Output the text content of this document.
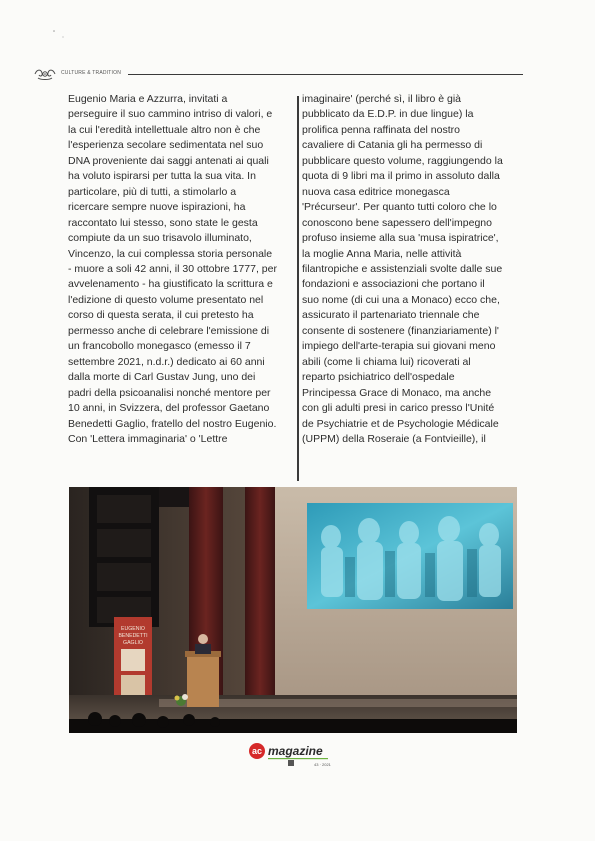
CULTURE & TRADITION
Eugenio Maria e Azzurra, invitati a
perseguire il suo cammino intriso di valori, e
la cui l'eredità intellettuale altro non è che
l'esperienza secolare sedimentata nel suo
DNA proveniente dai saggi antenati ai quali
ha voluto ispirarsi per tutta la sua vita. In
particolare, più di tutti, a stimolarlo a
ricercare sempre nuove ispirazioni, ha
raccontato lui stesso, sono state le gesta
compiute da un suo trisavolo illuminato,
Vincenzo, la cui complessa storia personale
- muore a soli 42 anni, il 30 ottobre 1777, per
avvelenamento - ha giustificato la scrittura e
l'edizione di questo volume presentato nel
corso di questa serata, il cui pretesto ha
permesso anche di celebrare l'emissione di
un francobollo monegasco (emesso il 7
settembre 2021, n.d.r.) dedicato ai 60 anni
dalla morte di Carl Gustav Jung, uno dei
padri della psicoanalisi nonché mentore per
10 anni, in Svizzera, del professor Gaetano
Benedetti Gaglio, fratello del nostro Eugenio.
Con 'Lettera immaginaria' o 'Lettre
imaginaire' (perché sì, il libro è già
pubblicato da E.D.P. in due lingue) la
prolifica penna raffinata del nostro
cavaliere di Catania gli ha permesso di
pubblicare questo volume, raggiungendo la
quota di 9 libri ma il primo in assoluto dalla
nuova casa editrice monegasca
'Précurseur'. Per quanto tutti coloro che lo
conoscono bene sapessero dell'impegno
profuso insieme alla sua 'musa ispiratrice',
la moglie Anna Maria, nelle attività
filantropiche e assistenziali svolte dalle sue
fondazioni e associazioni che portano il
suo nome (di cui una a Monaco) ecco che,
assicurato il partenariato triennale che
consente di sostenere (finanziariamente) l'
impiego dell'arte-terapia sui giovani meno
abili (come li chiama lui) ricoverati al
reparto psichiatrico dell'ospedale
Principessa Grace di Monaco, ma anche
con gli adulti presi in carico presso l'Unité
de Psychiatrie et de Psychologie Médicale
(UPPM) della Roseraie (a Fontvieille), il
EUGENIO
BENEDETTI
GAGLIO
ac magazine
43 · 2021
